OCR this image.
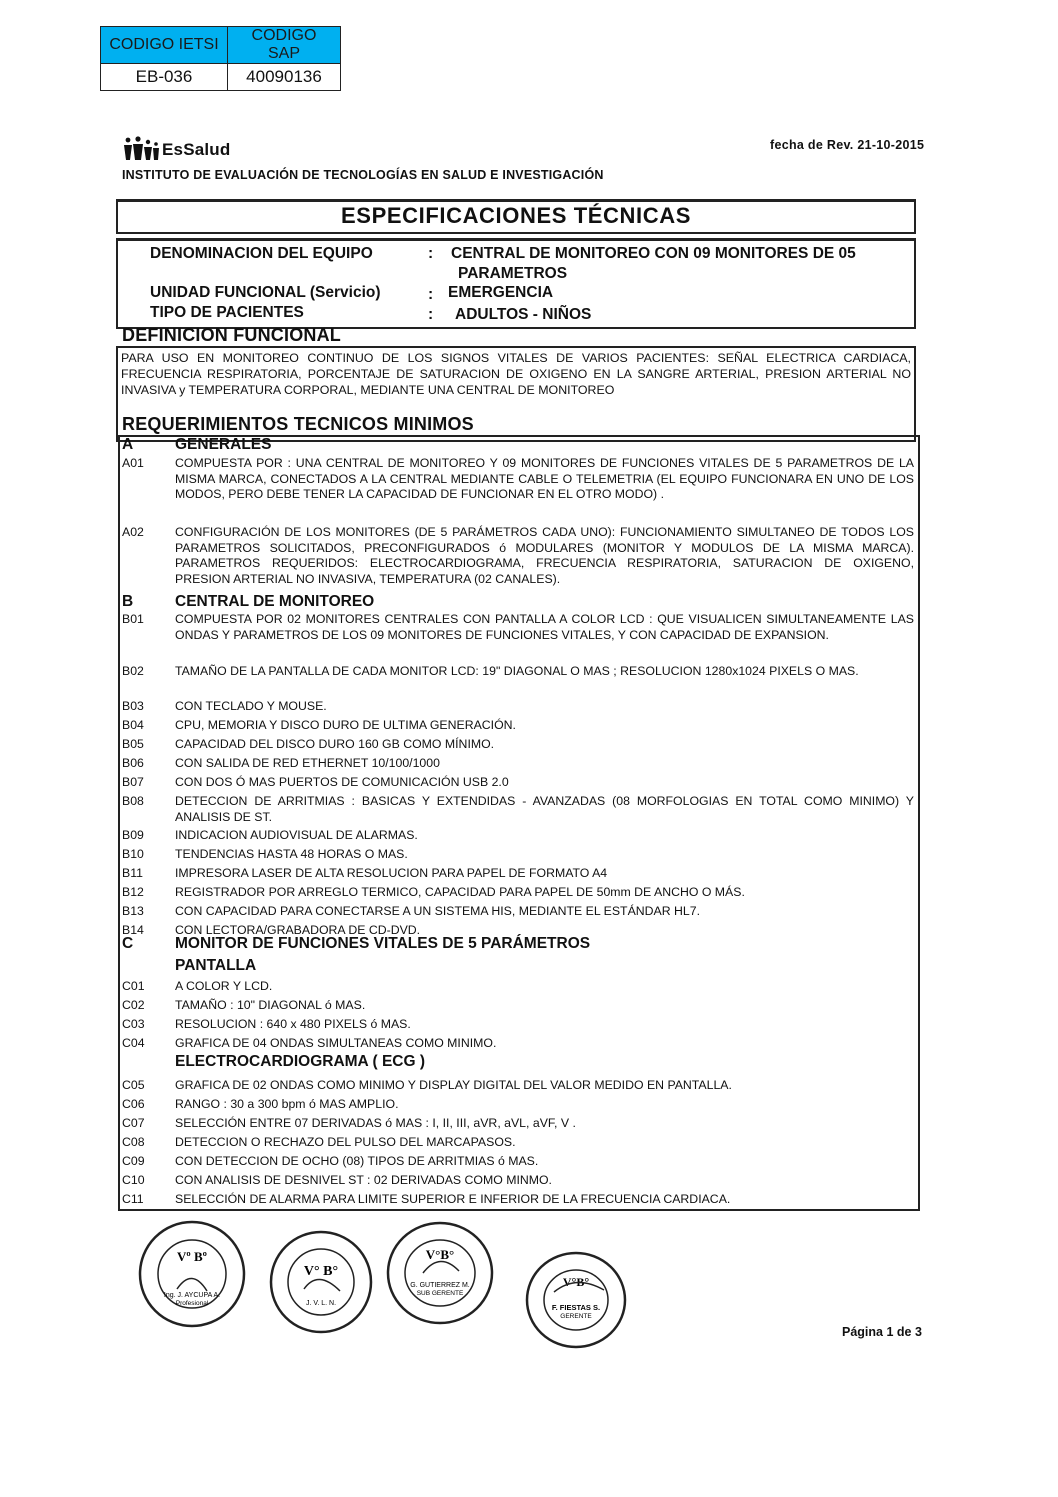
CODIGO IETSI	CODIGO SAP
EB-036	40090136
EsSalud	fecha de Rev. 21-10-2015
INSTITUTO DE EVALUACIÓN DE TECNOLOGÍAS EN SALUD E INVESTIGACIÓN
ESPECIFICACIONES TÉCNICAS
DENOMINACION DEL EQUIPO	: CENTRAL DE MONITOREO CON 09 MONITORES DE 05
PARAMETROS
UNIDAD FUNCIONAL (Servicio)	: EMERGENCIA
TIPO DE PACIENTES	: ADULTOS - NIÑOS
DEFINICION FUNCIONAL

PARA USO EN MONITOREO CONTINUO DE LOS SIGNOS VITALES DE VARIOS PACIENTES: SEÑAL ELECTRICA CARDIACA, FRECUENCIA RESPIRATORIA, PORCENTAJE DE SATURACION DE OXIGENO EN LA SANGRE ARTERIAL, PRESION ARTERIAL NO INVASIVA y TEMPERATURA CORPORAL, MEDIANTE UNA CENTRAL DE MONITOREO

REQUERIMIENTOS TECNICOS MINIMOS
A	GENERALES
A01	COMPUESTA POR : UNA CENTRAL DE MONITOREO Y 09 MONITORES DE FUNCIONES VITALES DE 5 PARAMETROS DE LA MISMA MARCA, CONECTADOS A LA CENTRAL MEDIANTE CABLE O TELEMETRIA (EL EQUIPO FUNCIONARA EN UNO DE LOS MODOS, PERO DEBE TENER LA CAPACIDAD DE FUNCIONAR EN EL OTRO MODO) .
A02	CONFIGURACIÓN DE LOS MONITORES (DE 5 PARÁMETROS CADA UNO): FUNCIONAMIENTO SIMULTANEO DE TODOS LOS PARAMETROS SOLICITADOS, PRECONFIGURADOS ó MODULARES (MONITOR Y MODULOS DE LA MISMA MARCA). PARAMETROS REQUERIDOS: ELECTROCARDIOGRAMA, FRECUENCIA RESPIRATORIA, SATURACION DE OXIGENO, PRESION ARTERIAL NO INVASIVA, TEMPERATURA (02 CANALES).
B	CENTRAL DE MONITOREO
B01	COMPUESTA POR 02 MONITORES CENTRALES CON PANTALLA A COLOR LCD : QUE VISUALICEN SIMULTANEAMENTE LAS ONDAS Y PARAMETROS DE LOS 09 MONITORES DE FUNCIONES VITALES, Y CON CAPACIDAD DE EXPANSION.
B02	TAMAÑO DE LA PANTALLA DE CADA MONITOR LCD: 19" DIAGONAL O MAS ; RESOLUCION 1280x1024 PIXELS O MAS.
B03	CON TECLADO Y MOUSE.
B04	CPU, MEMORIA Y DISCO DURO DE ULTIMA GENERACIÓN.
B05	CAPACIDAD DEL DISCO DURO 160 GB COMO MÍNIMO.
B06	CON SALIDA DE RED ETHERNET 10/100/1000
B07	CON DOS Ó MAS PUERTOS DE COMUNICACIÓN USB 2.0
B08	DETECCION DE ARRITMIAS : BASICAS Y EXTENDIDAS - AVANZADAS (08 MORFOLOGIAS EN TOTAL COMO MINIMO) Y ANALISIS DE ST.
B09	INDICACION AUDIOVISUAL DE ALARMAS.
B10	TENDENCIAS HASTA 48 HORAS O MAS.
B11	IMPRESORA LASER DE ALTA RESOLUCION PARA PAPEL DE FORMATO A4
B12	REGISTRADOR POR ARREGLO TERMICO, CAPACIDAD PARA PAPEL DE 50mm DE ANCHO O MÁS.
B13	CON CAPACIDAD PARA CONECTARSE A UN SISTEMA HIS, MEDIANTE EL ESTÁNDAR HL7.
B14	CON LECTORA/GRABADORA DE CD-DVD.
C	MONITOR DE FUNCIONES VITALES DE 5 PARÁMETROS
PANTALLA
C01	A COLOR Y LCD.
C02	TAMAÑO : 10" DIAGONAL ó MAS.
C03	RESOLUCION : 640 x 480 PIXELS ó MAS.
C04	GRAFICA DE 04 ONDAS SIMULTANEAS COMO MINIMO.
ELECTROCARDIOGRAMA ( ECG )
C05	GRAFICA DE 02 ONDAS COMO MINIMO Y DISPLAY DIGITAL DEL VALOR MEDIDO EN PANTALLA.
C06	RANGO : 30 a 300 bpm ó MAS AMPLIO.
C07	SELECCIÓN ENTRE 07 DERIVADAS ó MAS : I, II, III, aVR, aVL, aVF, V .
C08	DETECCION O RECHAZO DEL PULSO DEL MARCAPASOS.
C09	CON DETECCION DE OCHO (08) TIPOS DE ARRITMIAS ó MAS.
C10	CON ANALISIS DE DESNIVEL ST : 02 DERIVADAS COMO MINMO.
C11	SELECCIÓN DE ALARMA PARA LIMITE SUPERIOR E INFERIOR DE LA FRECUENCIA CARDIACA.
Vº Bº
Ing. J. AYCUPA A.
Profesional
V° B°
J. V. L. N.
V°B°
G. GUTIERREZ M.
SUB GERENTE
V°B°
F. FIESTAS S.
GERENTE
Página 1 de 3
